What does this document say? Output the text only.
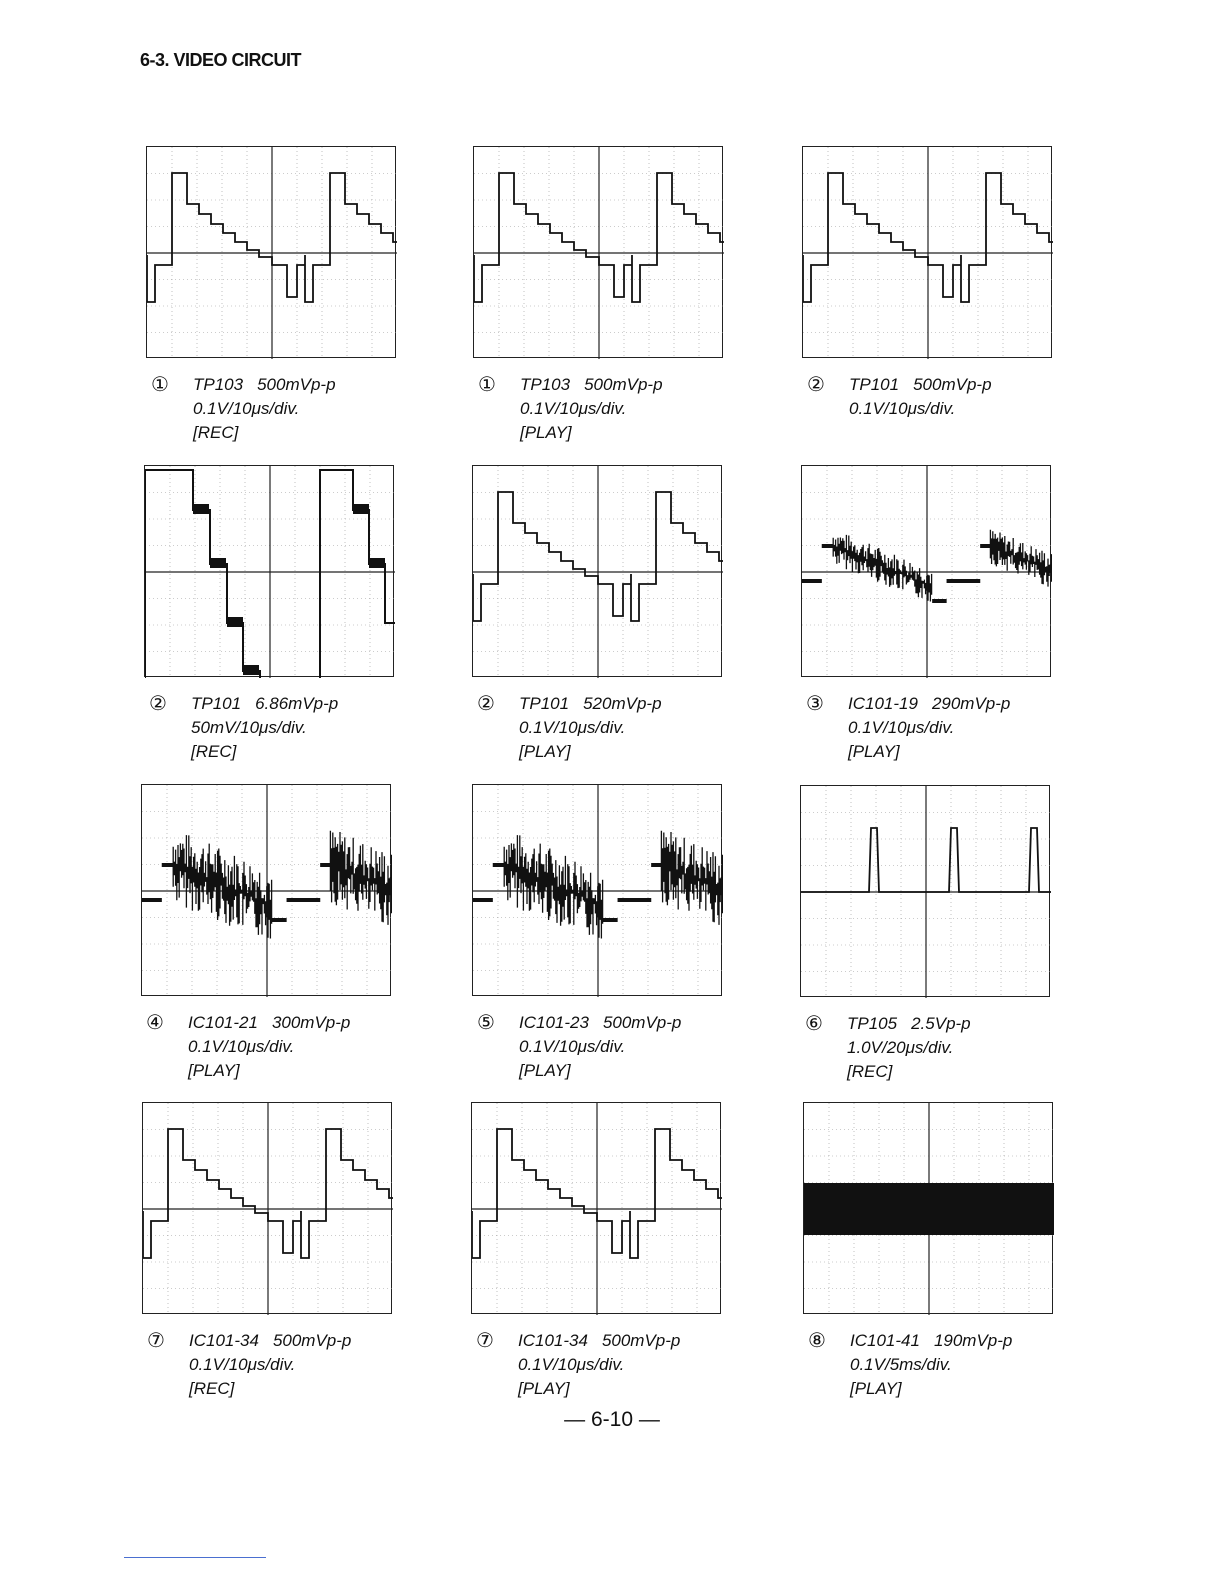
6-3. VIDEO CIRCUIT
① TP103 500mVp-p
0.1V/10μs/div.
[REC]
① TP103 500mVp-p
0.1V/10μs/div.
[PLAY]
② TP101 500mVp-p
0.1V/10μs/div.
② TP101 6.86mVp-p
50mV/10μs/div.
[REC]
② TP101 520mVp-p
0.1V/10μs/div.
[PLAY]
③ IC101-19 290mVp-p
0.1V/10μs/div.
[PLAY]
④ IC101-21 300mVp-p
0.1V/10μs/div.
[PLAY]
⑤ IC101-23 500mVp-p
0.1V/10μs/div.
[PLAY]
⑥ TP105 2.5Vp-p
1.0V/20μs/div.
[REC]
⑦ IC101-34 500mVp-p
0.1V/10μs/div.
[REC]
⑦ IC101-34 500mVp-p
0.1V/10μs/div.
[PLAY]
⑧ IC101-41 190mVp-p
0.1V/5ms/div.
[PLAY]
— 6-10 —
